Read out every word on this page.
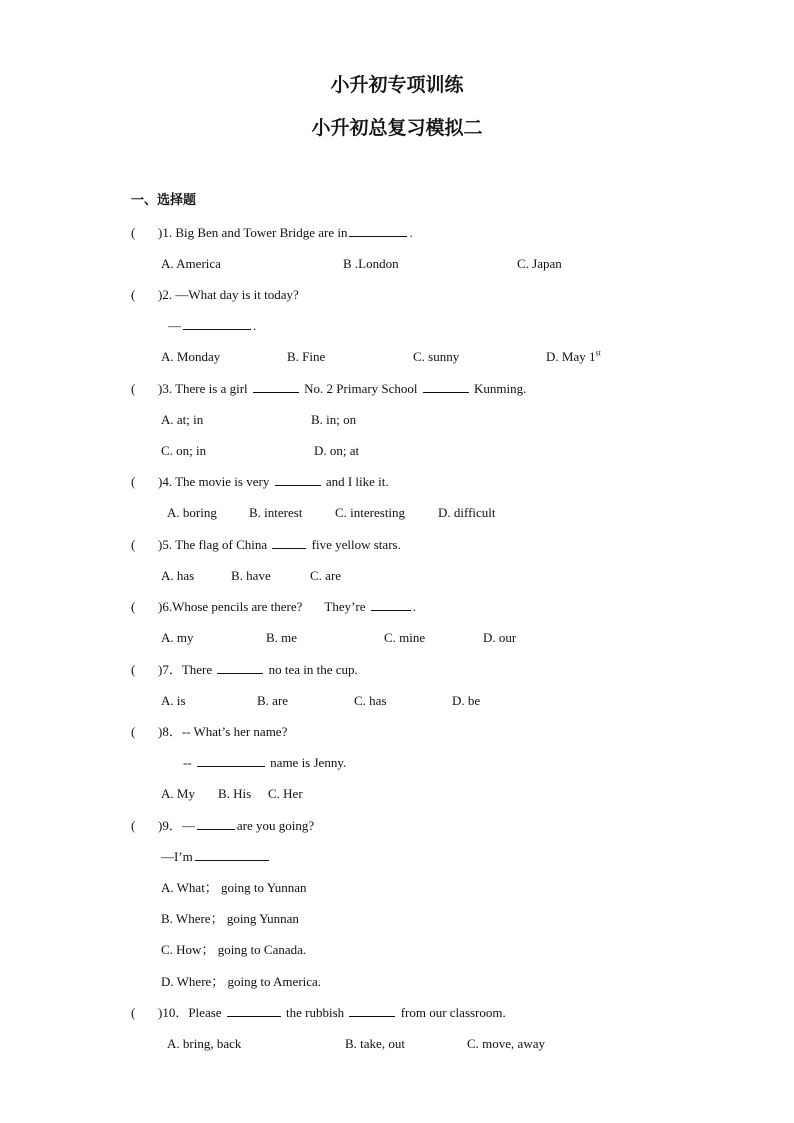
小升初专项训练
小升初总复习模拟二
一、选择题
( )1. Big Ben and Tower Bridge are in	.
A. America	B .London	C. Japan
( )2. —What day is it today?
—	.
A. Monday	B. Fine	C. sunny	D. May 1st
( )3. There is a girl	No. 2 Primary School	Kunming.
A. at; in	B. in; on
C. on; in	D. on; at
( )4. The movie is very	and I like it.
A. boring B. interest	C. interesting	D. difficult
( )5. The flag of China	five yellow stars.
A. has	B. have	C. are
( )6.Whose pencils are there? They’re	.
A. my	B. me	C. mine	D. our
( )7．There	no tea in the cup.
A. is	B. are	C. has	D. be
( )8．-- What’s her name?
--	name is Jenny.
A. My B. His C. Her
( )9．—	are you going?
—I’m
A. What； going to Yunnan
B. Where； going Yunnan
C. How； going to Canada.
D. Where； going to America.
( )10．Please	the rubbish	from our classroom.
A. bring, back	B. take, out	C. move, away
